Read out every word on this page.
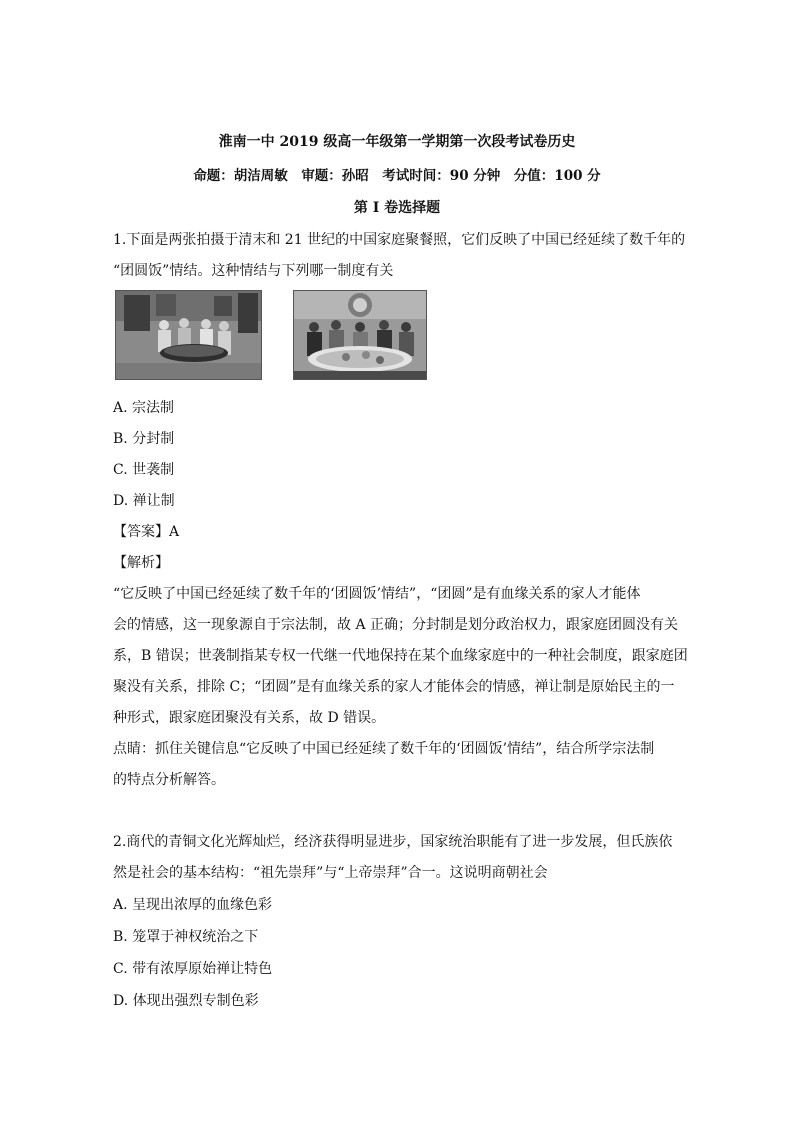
淮南一中 2019 级高一年级第一学期第一次段考试卷历史
命题：胡洁周敏　审题：孙昭　考试时间：90 分钟　分值：100 分
第 Ⅰ 卷选择题
1.下面是两张拍摄于清末和 21 世纪的中国家庭聚餐照，它们反映了中国已经延续了数千年的
“团圆饭”情结。这种情结与下列哪一制度有关
A. 宗法制
B. 分封制
C. 世袭制
D. 禅让制
【答案】A
【解析】
“它反映了中国已经延续了数千年的‘团圆饭’情结”，“团圆”是有血缘关系的家人才能体
会的情感，这一现象源自于宗法制，故 A 正确；分封制是划分政治权力，跟家庭团圆没有关
系，B 错误；世袭制指某专权一代继一代地保持在某个血缘家庭中的一种社会制度，跟家庭团
聚没有关系，排除 C；“团圆”是有血缘关系的家人才能体会的情感，禅让制是原始民主的一
种形式，跟家庭团聚没有关系，故 D 错误。
点睛：抓住关键信息“它反映了中国已经延续了数千年的‘团圆饭’情结”，结合所学宗法制
的特点分析解答。
2.商代的青铜文化光辉灿烂，经济获得明显进步，国家统治职能有了进一步发展，但氏族依
然是社会的基本结构：“祖先崇拜”与“上帝崇拜”合一。这说明商朝社会
A. 呈现出浓厚的血缘色彩
B. 笼罩于神权统治之下
C. 带有浓厚原始禅让特色
D. 体现出强烈专制色彩
